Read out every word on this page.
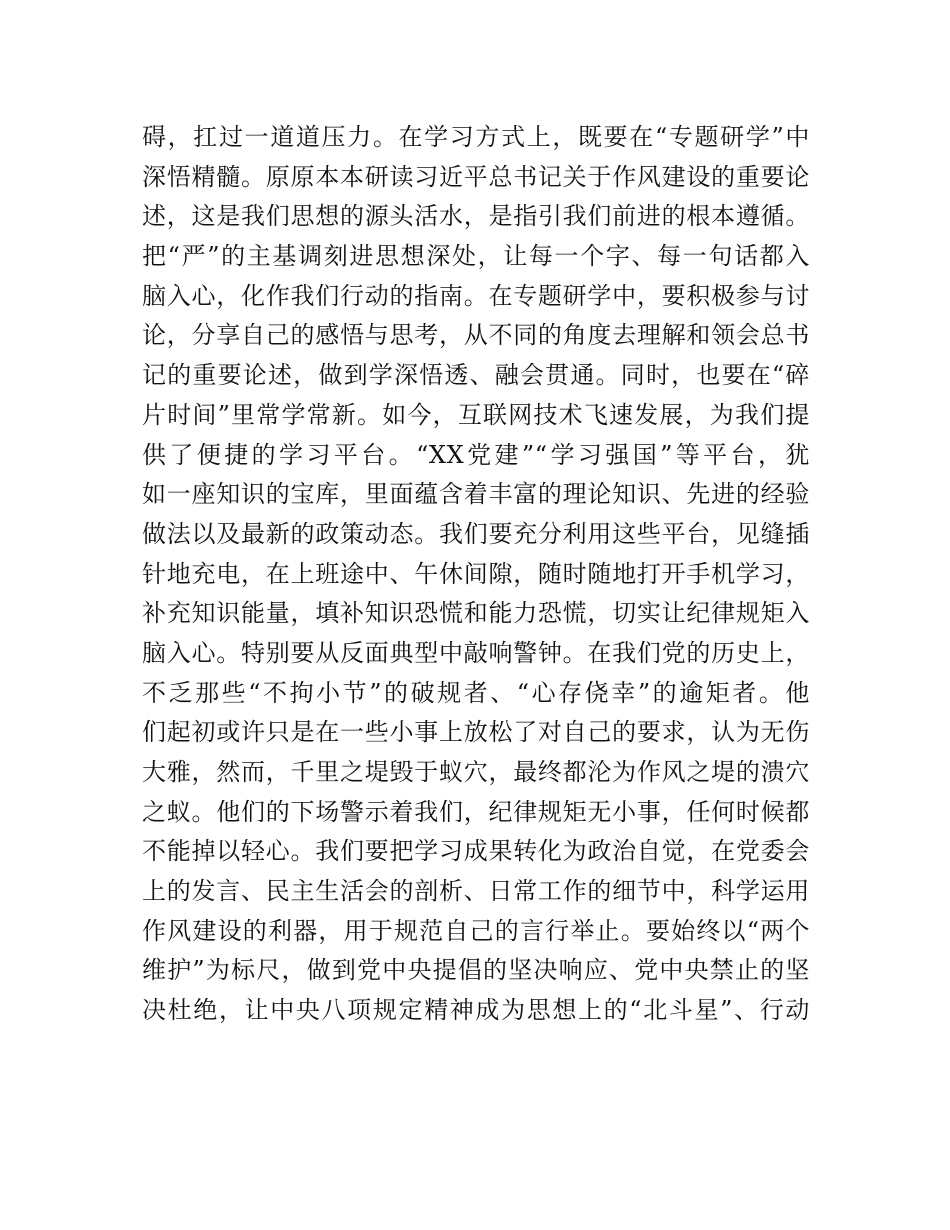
碍，扛过一道道压力。在学习方式上，既要在“专题研学”中
深悟精髓。原原本本研读习近平总书记关于作风建设的重要论
述，这是我们思想的源头活水，是指引我们前进的根本遵循。
把“严”的主基调刻进思想深处，让每一个字、每一句话都入
脑入心，化作我们行动的指南。在专题研学中，要积极参与讨
论，分享自己的感悟与思考，从不同的角度去理解和领会总书
记的重要论述，做到学深悟透、融会贯通。同时，也要在“碎
片时间”里常学常新。如今，互联网技术飞速发展，为我们提
供了便捷的学习平台。“XX党建”“学习强国”等平台，犹
如一座知识的宝库，里面蕴含着丰富的理论知识、先进的经验
做法以及最新的政策动态。我们要充分利用这些平台，见缝插
针地充电，在上班途中、午休间隙，随时随地打开手机学习，
补充知识能量，填补知识恐慌和能力恐慌，切实让纪律规矩入
脑入心。特别要从反面典型中敲响警钟。在我们党的历史上，
不乏那些“不拘小节”的破规者、“心存侥幸”的逾矩者。他
们起初或许只是在一些小事上放松了对自己的要求，认为无伤
大雅，然而，千里之堤毁于蚁穴，最终都沦为作风之堤的溃穴
之蚁。他们的下场警示着我们，纪律规矩无小事，任何时候都
不能掉以轻心。我们要把学习成果转化为政治自觉，在党委会
上的发言、民主生活会的剖析、日常工作的细节中，科学运用
作风建设的利器，用于规范自己的言行举止。要始终以“两个
维护”为标尺，做到党中央提倡的坚决响应、党中央禁止的坚
决杜绝，让中央八项规定精神成为思想上的“北斗星”、行动
